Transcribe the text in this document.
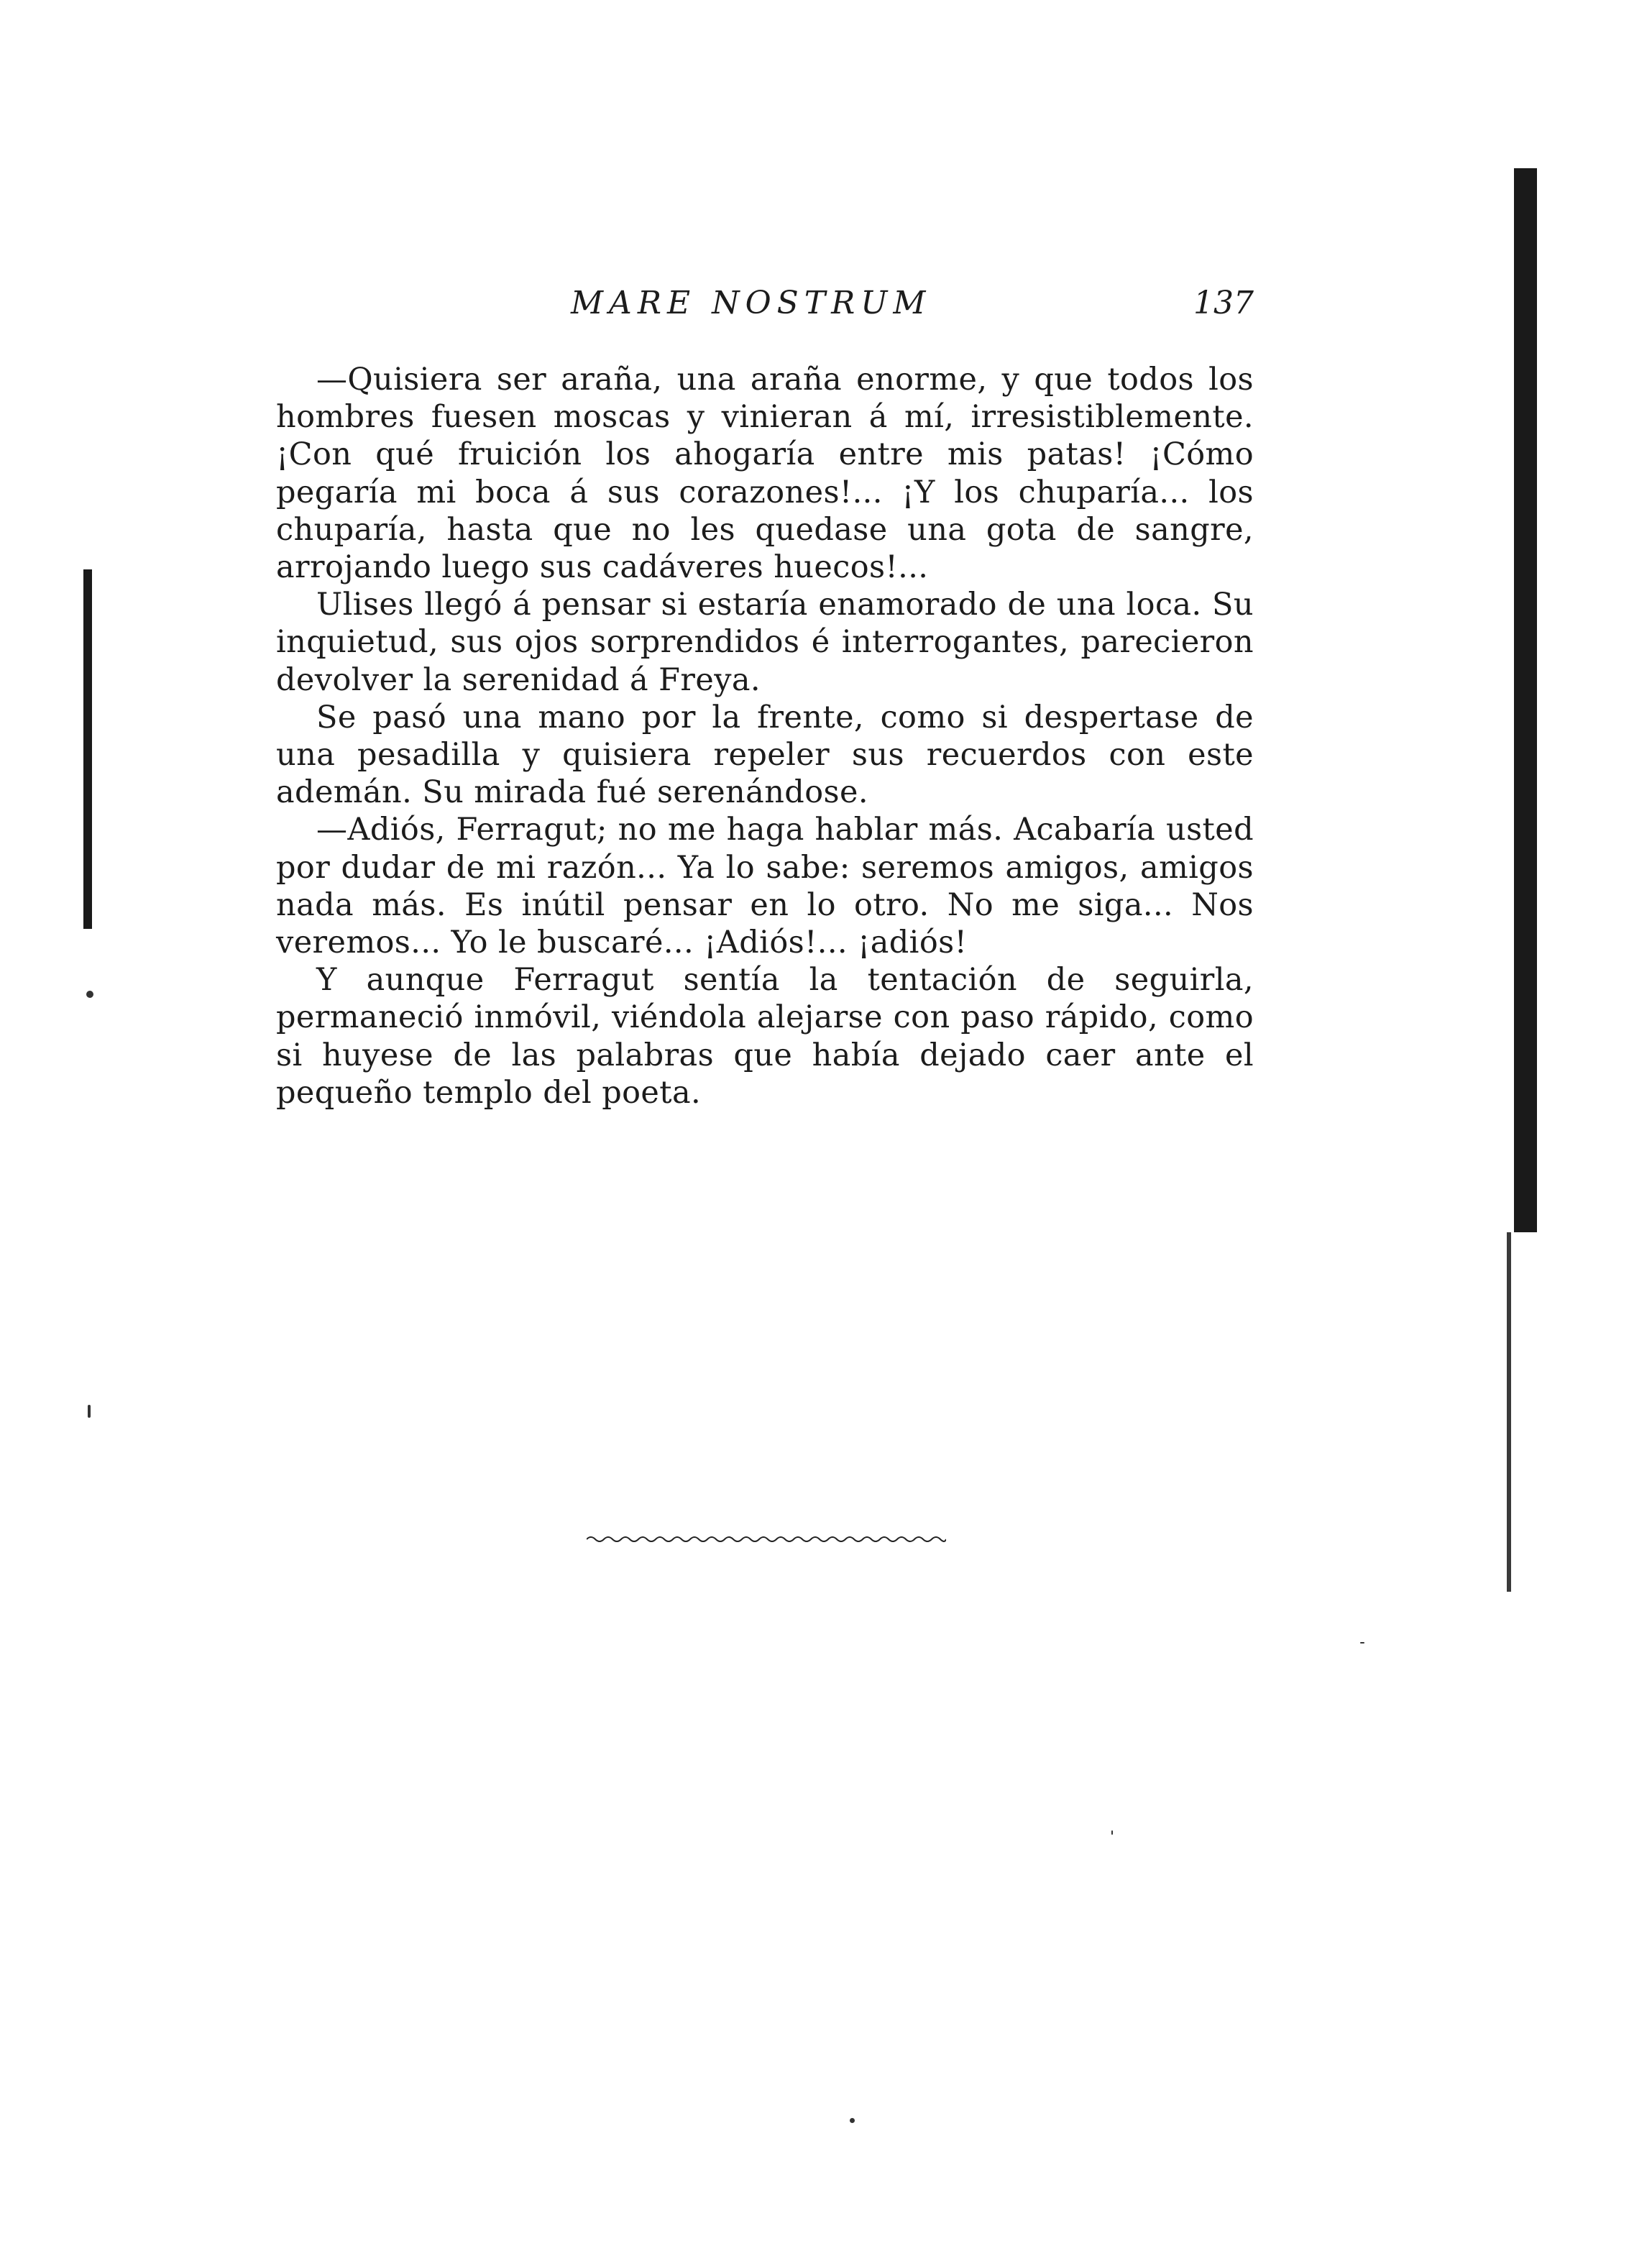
MARE NOSTRUM	137

—Quisiera ser araña, una araña enorme, y que todos los hombres fuesen moscas y vinieran á mí, irresistiblemente. ¡Con qué fruición los ahogaría entre mis patas! ¡Cómo pegaría mi boca á sus corazones!... ¡Y los chuparía... los chuparía, hasta que no les quedase una gota de sangre, arrojando luego sus cadáveres huecos!...

Ulises llegó á pensar si estaría enamorado de una loca. Su inquietud, sus ojos sorprendidos é interrogantes, parecieron devolver la serenidad á Freya.

Se pasó una mano por la frente, como si despertase de una pesadilla y quisiera repeler sus recuerdos con este ademán. Su mirada fué serenándose.

—Adiós, Ferragut; no me haga hablar más. Acabaría usted por dudar de mi razón... Ya lo sabe: seremos amigos, amigos nada más. Es inútil pensar en lo otro. No me siga... Nos veremos... Yo le buscaré... ¡Adiós!... ¡adiós!

Y aunque Ferragut sentía la tentación de seguirla, permaneció inmóvil, viéndola alejarse con paso rápido, como si huyese de las palabras que había dejado caer ante el pequeño templo del poeta.
